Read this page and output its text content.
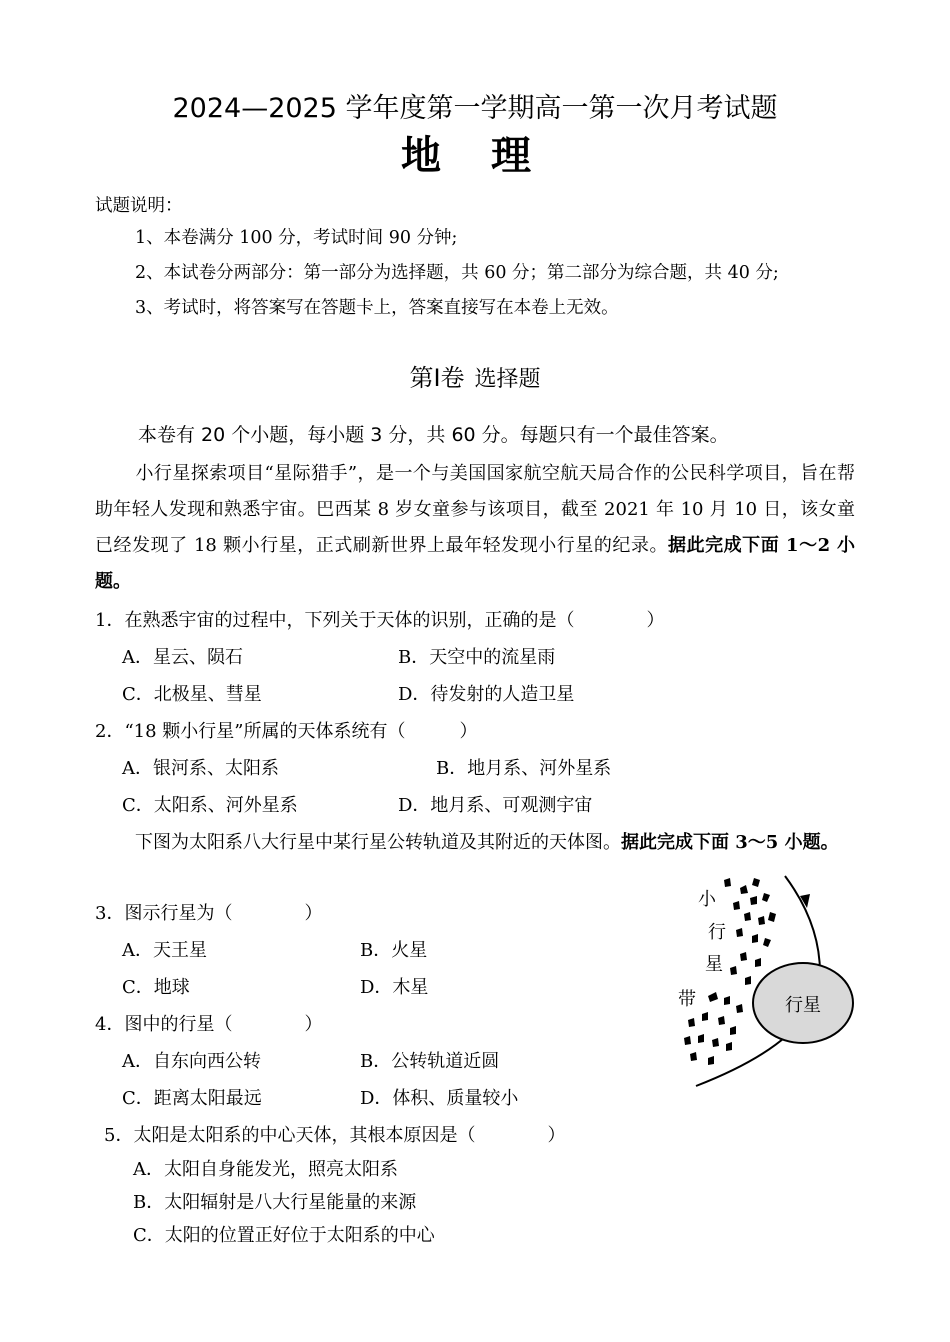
2024—2025 学年度第一学期高一第一次月考试题
地 理
试题说明：
1、本卷满分 100 分，考试时间 90 分钟;
2、本试卷分两部分：第一部分为选择题，共 60 分；第二部分为综合题，共 40 分;
3、考试时，将答案写在答题卡上，答案直接写在本卷上无效。
第Ⅰ卷 选择题
本卷有 20 个小题，每小题 3 分，共 60 分。每题只有一个最佳答案。
小行星探索项目“星际猎手”，是一个与美国国家航空航天局合作的公民科学项目，旨在帮助年轻人发现和熟悉宇宙。巴西某 8 岁女童参与该项目，截至 2021 年 10 月 10 日，该女童已经发现了 18 颗小行星，正式刷新世界上最年轻发现小行星的纪录。据此完成下面 1～2 小题。
1．在熟悉宇宙的过程中，下列关于天体的识别，正确的是（　　　　）
A．星云、陨石	B．天空中的流星雨
C．北极星、彗星	D．待发射的人造卫星
2．“18 颗小行星”所属的天体系统有（　　　）
A．银河系、太阳系	B．地月系、河外星系
C．太阳系、河外星系	D．地月系、可观测宇宙
下图为太阳系八大行星中某行星公转轨道及其附近的天体图。据此完成下面 3～5 小题。
3．图示行星为（　　　　）
A．天王星	B．火星
C．地球	D．木星
4．图中的行星（　　　　）
A．自东向西公转	B．公转轨道近圆
C．距离太阳最远	D．体积、质量较小
5．太阳是太阳系的中心天体，其根本原因是（　　　　）
A．太阳自身能发光，照亮太阳系
B．太阳辐射是八大行星能量的来源
C．太阳的位置正好位于太阳系的中心
行星
小
行
星
带
